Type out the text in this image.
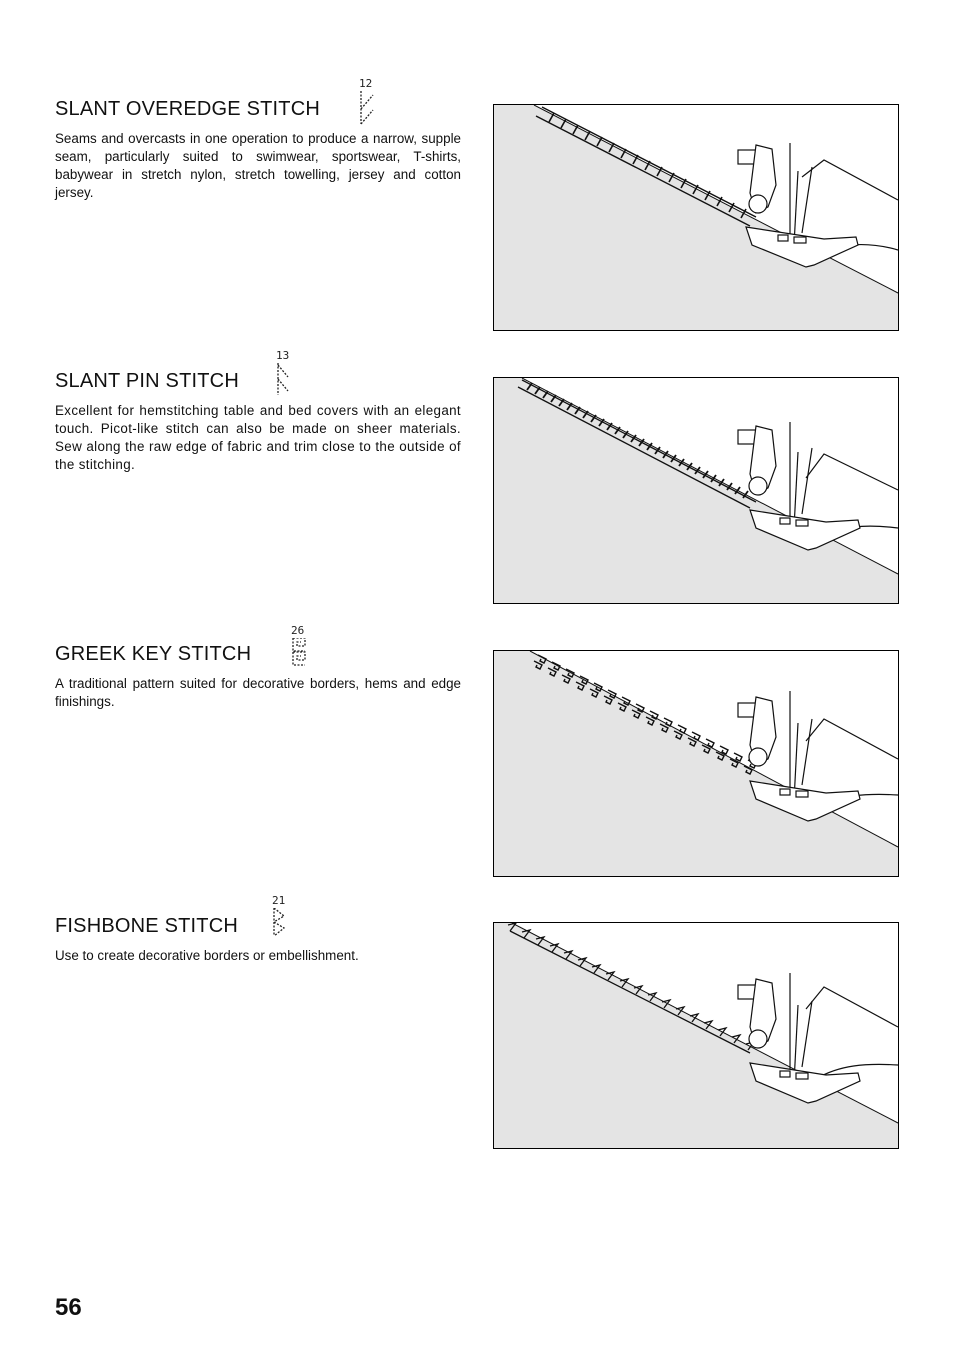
SLANT OVEREDGE STITCH
12

Seams and overcasts in one operation to produce a narrow, supple seam, particularly suited to swimwear, sportswear, T-shirts, babywear in stretch nylon, stretch towelling, jersey and cotton jersey.

SLANT PIN STITCH
13

Excellent for hemstitching table and bed covers with an elegant touch. Picot-like stitch can also be made on sheer materials. Sew along the raw edge of fabric and trim close to the outside of the stitching.

GREEK KEY STITCH
26

A traditional pattern suited for decorative borders, hems and edge finishings.

FISHBONE STITCH
21

Use to create decorative borders or embellishment.

56
